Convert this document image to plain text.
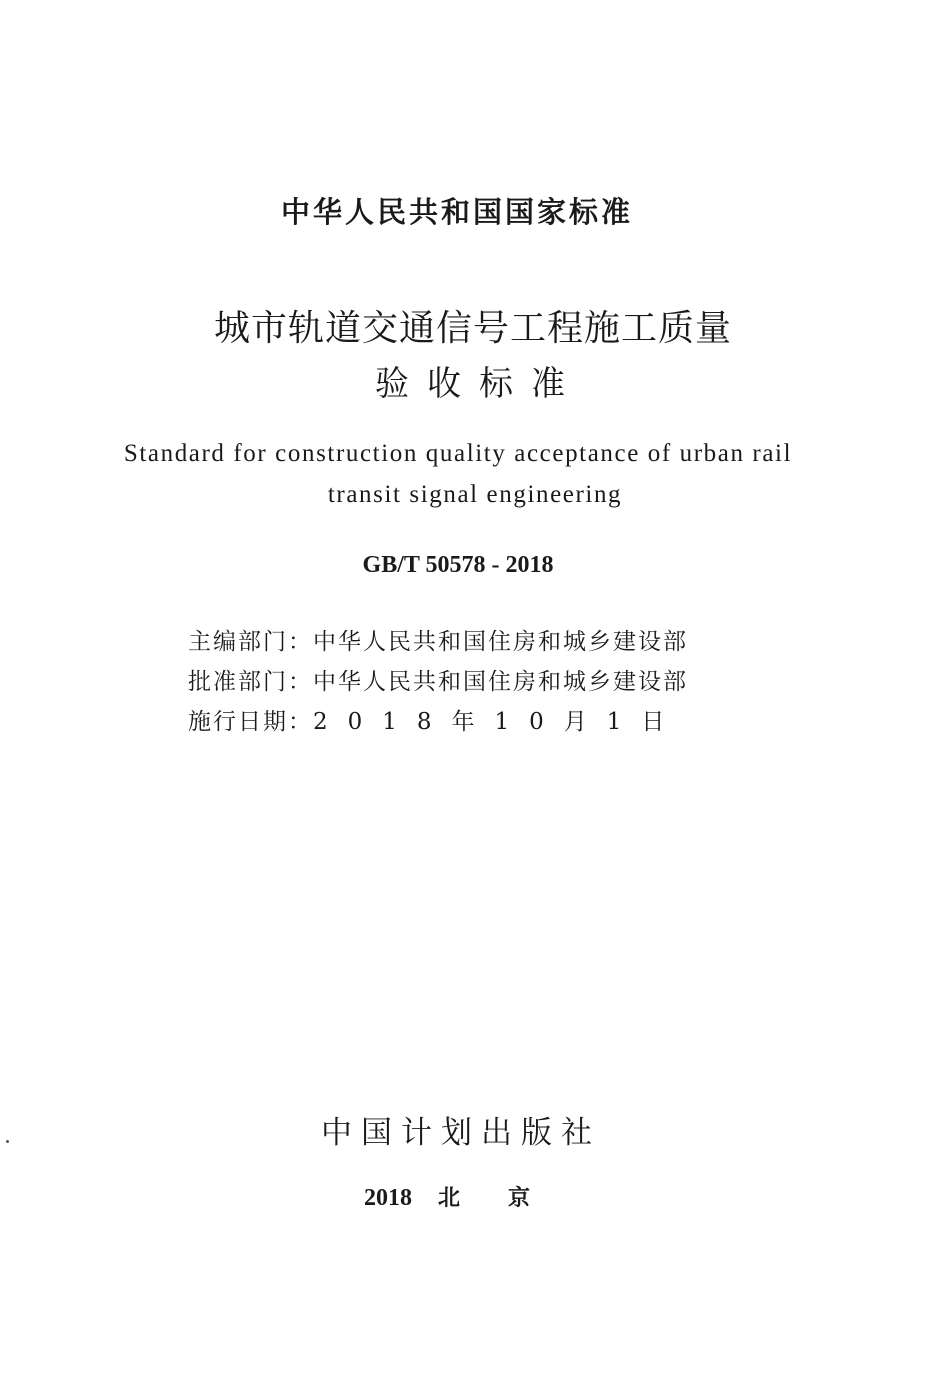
中华人民共和国国家标准
城市轨道交通信号工程施工质量
验收标准
Standard for construction quality acceptance of urban rail
transit signal engineering
GB/T 50578 - 2018
主编部门：中华人民共和国住房和城乡建设部
批准部门：中华人民共和国住房和城乡建设部
施行日期：2018年10月1日
中国计划出版社
2018 北京
